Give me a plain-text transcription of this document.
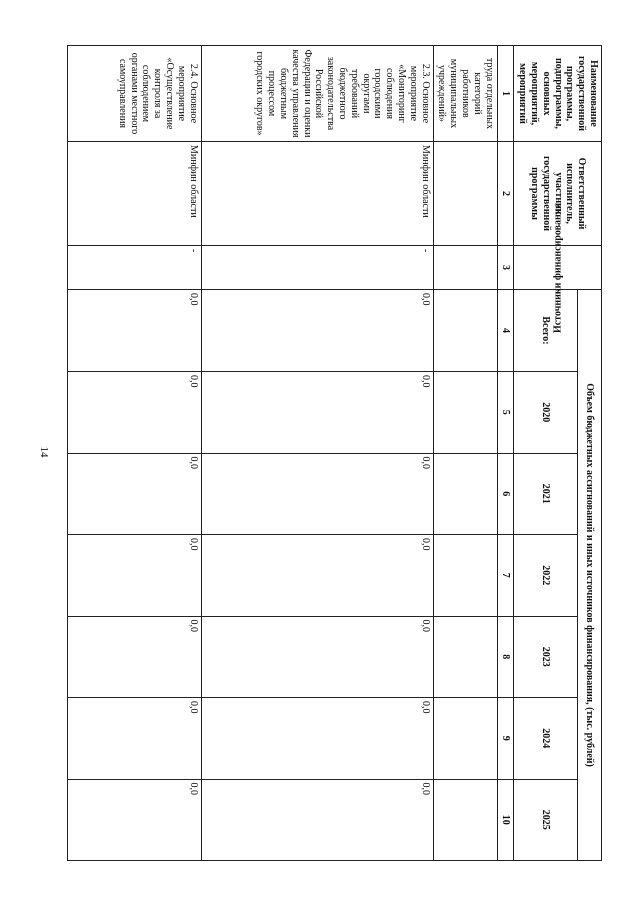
14
Наименование государственной программы, подпрограммы, основных мероприятий, мероприятий	Ответственный исполнитель, участник государственной программы	Источники финансирования	Объем бюджетных ассигнований и иных источников финансирования, (тыс. рублей)						
			Всего:	2020	2021	2022	2023	2024	2025
1	2	3	4	5	6	7	8	9	10
труда отдельных категорий работников муниципальных учреждений»									
2.3. Основное мероприятие «Мониторинг соблюдения городскими округами требований бюджетного законодательства Российской Федерации и оценки качества управления бюджетным процессом городских округов»	Минфин области	-	0,0	0,0	0,0	0,0	0,0	0,0	0,0
2.4. Основное мероприятие «Осуществление контроля за соблюдением органами местного самоуправления	Минфин области	-	0,0	0,0	0,0	0,0	0,0	0,0	0,0
